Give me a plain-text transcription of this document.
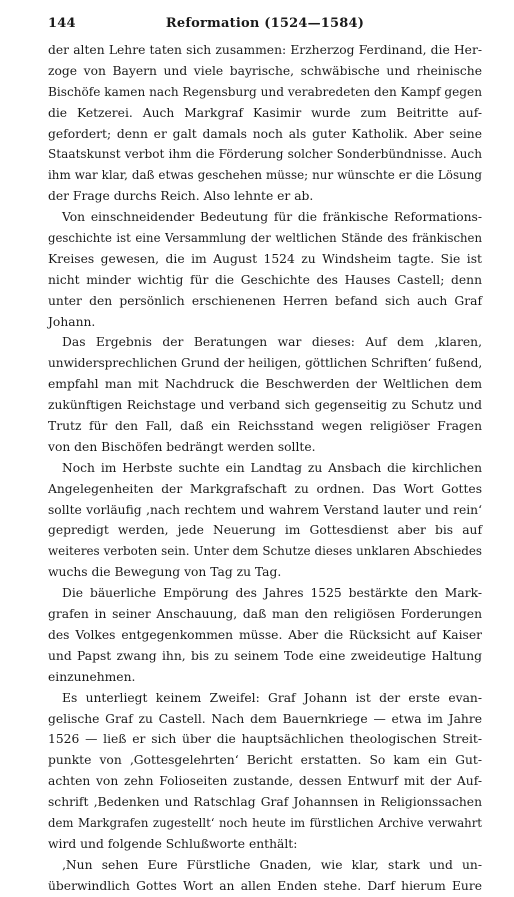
144	Reformation (1524—1584)
der alten Lehre taten sich zusammen: Erzherzog Ferdinand, die Her-
zoge von Bayern und viele bayrische, schwäbische und rheinische
Bischöfe kamen nach Regensburg und verabredeten den Kampf gegen
die Ketzerei. Auch Markgraf Kasimir wurde zum Beitritte auf-
gefordert; denn er galt damals noch als guter Katholik. Aber seine
Staatskunst verbot ihm die Förderung solcher Sonderbündnisse. Auch
ihm war klar, daß etwas geschehen müsse; nur wünschte er die Lösung
der Frage durchs Reich. Also lehnte er ab.
Von einschneidender Bedeutung für die fränkische Reformations-
geschichte ist eine Versammlung der weltlichen Stände des fränkischen
Kreises gewesen, die im August 1524 zu Windsheim tagte. Sie ist
nicht minder wichtig für die Geschichte des Hauses Castell; denn
unter den persönlich erschienenen Herren befand sich auch Graf
Johann.
Das Ergebnis der Beratungen war dieses: Auf dem ‚klaren,
unwidersprechlichen Grund der heiligen, göttlichen Schriften‘ fußend,
empfahl man mit Nachdruck die Beschwerden der Weltlichen dem
zukünftigen Reichstage und verband sich gegenseitig zu Schutz und
Trutz für den Fall, daß ein Reichsstand wegen religiöser Fragen
von den Bischöfen bedrängt werden sollte.
Noch im Herbste suchte ein Landtag zu Ansbach die kirchlichen
Angelegenheiten der Markgrafschaft zu ordnen. Das Wort Gottes
sollte vorläufig ‚nach rechtem und wahrem Verstand lauter und rein‘
gepredigt werden, jede Neuerung im Gottesdienst aber bis auf
weiteres verboten sein. Unter dem Schutze dieses unklaren Abschiedes
wuchs die Bewegung von Tag zu Tag.
Die bäuerliche Empörung des Jahres 1525 bestärkte den Mark-
grafen in seiner Anschauung, daß man den religiösen Forderungen
des Volkes entgegenkommen müsse. Aber die Rücksicht auf Kaiser
und Papst zwang ihn, bis zu seinem Tode eine zweideutige Haltung
einzunehmen.
Es unterliegt keinem Zweifel: Graf Johann ist der erste evan-
gelische Graf zu Castell. Nach dem Bauernkriege — etwa im Jahre
1526 — ließ er sich über die hauptsächlichen theologischen Streit-
punkte von ‚Gottesgelehrten‘ Bericht erstatten. So kam ein Gut-
achten von zehn Folioseiten zustande, dessen Entwurf mit der Auf-
schrift ‚Bedenken und Ratschlag Graf Johannsen in Religionssachen
dem Markgrafen zugestellt‘ noch heute im fürstlichen Archive verwahrt
wird und folgende Schlußworte enthält:
‚Nun sehen Eure Fürstliche Gnaden, wie klar, stark und un-
überwindlich Gottes Wort an allen Enden stehe. Darf hierum Eure
